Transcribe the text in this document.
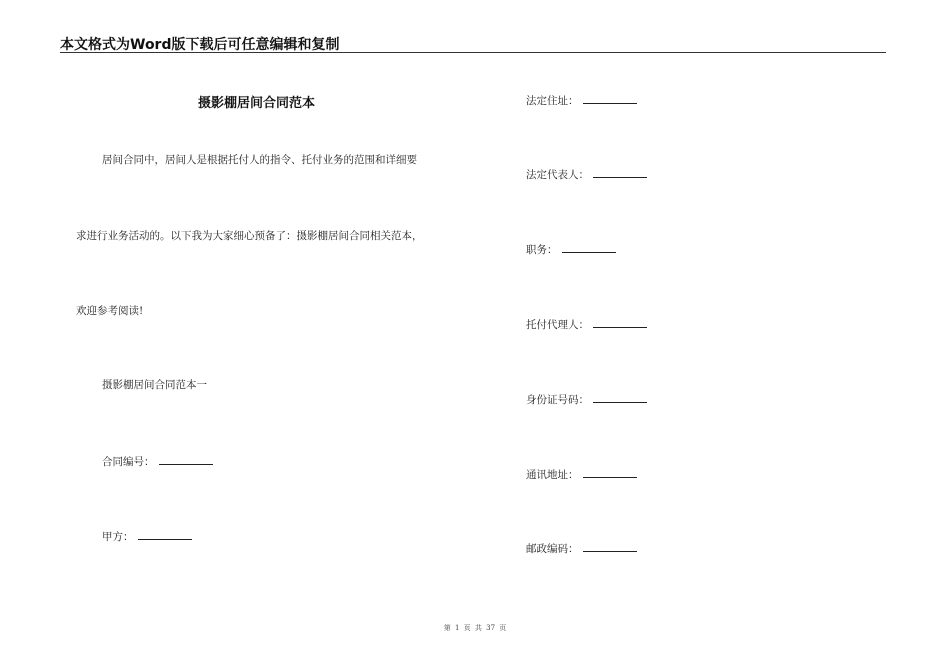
本文格式为Word版下载后可任意编辑和复制
摄影棚居间合同范本
居间合同中，居间人是根据托付人的指令、托付业务的范围和详细要
求进行业务活动的。以下我为大家细心预备了：摄影棚居间合同相关范本，
欢迎参考阅读!
摄影棚居间合同范本一
合同编号：
甲方：
法定住址：
法定代表人：
职务：
托付代理人：
身份证号码：
通讯地址：
邮政编码：
第 1 页 共 37 页
